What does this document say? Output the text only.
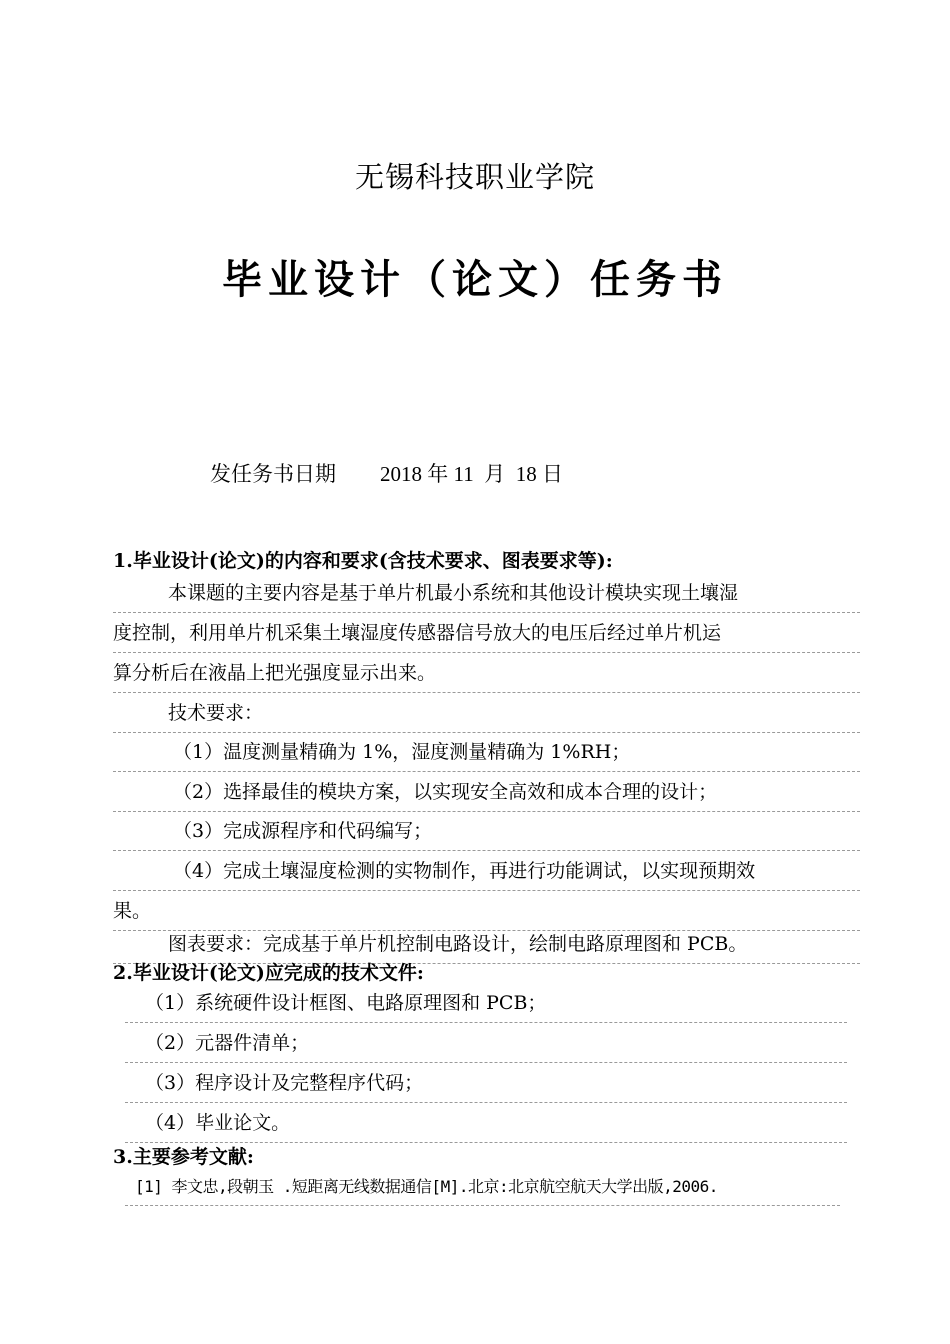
无锡科技职业学院
毕业设计（论文）任务书
发任务书日期 2018 年 11  月  18 日
1.毕业设计(论文)的内容和要求(含技术要求、图表要求等):
本课题的主要内容是基于单片机最小系统和其他设计模块实现土壤湿
度控制，利用单片机采集土壤湿度传感器信号放大的电压后经过单片机运
算分析后在液晶上把光强度显示出来。
技术要求：
（1）温度测量精确为 1%，湿度测量精确为 1%RH；
（2）选择最佳的模块方案，以实现安全高效和成本合理的设计；
（3）完成源程序和代码编写；
（4）完成土壤湿度检测的实物制作，再进行功能调试，以实现预期效
果。
图表要求：完成基于单片机控制电路设计，绘制电路原理图和 PCB。
2.毕业设计(论文)应完成的技术文件:
（1）系统硬件设计框图、电路原理图和 PCB；
（2）元器件清单；
（3）程序设计及完整程序代码；
（4）毕业论文。
3.主要参考文献:
[1] 李文忠,段朝玉 .短距离无线数据通信[M].北京:北京航空航天大学出版,2006.
